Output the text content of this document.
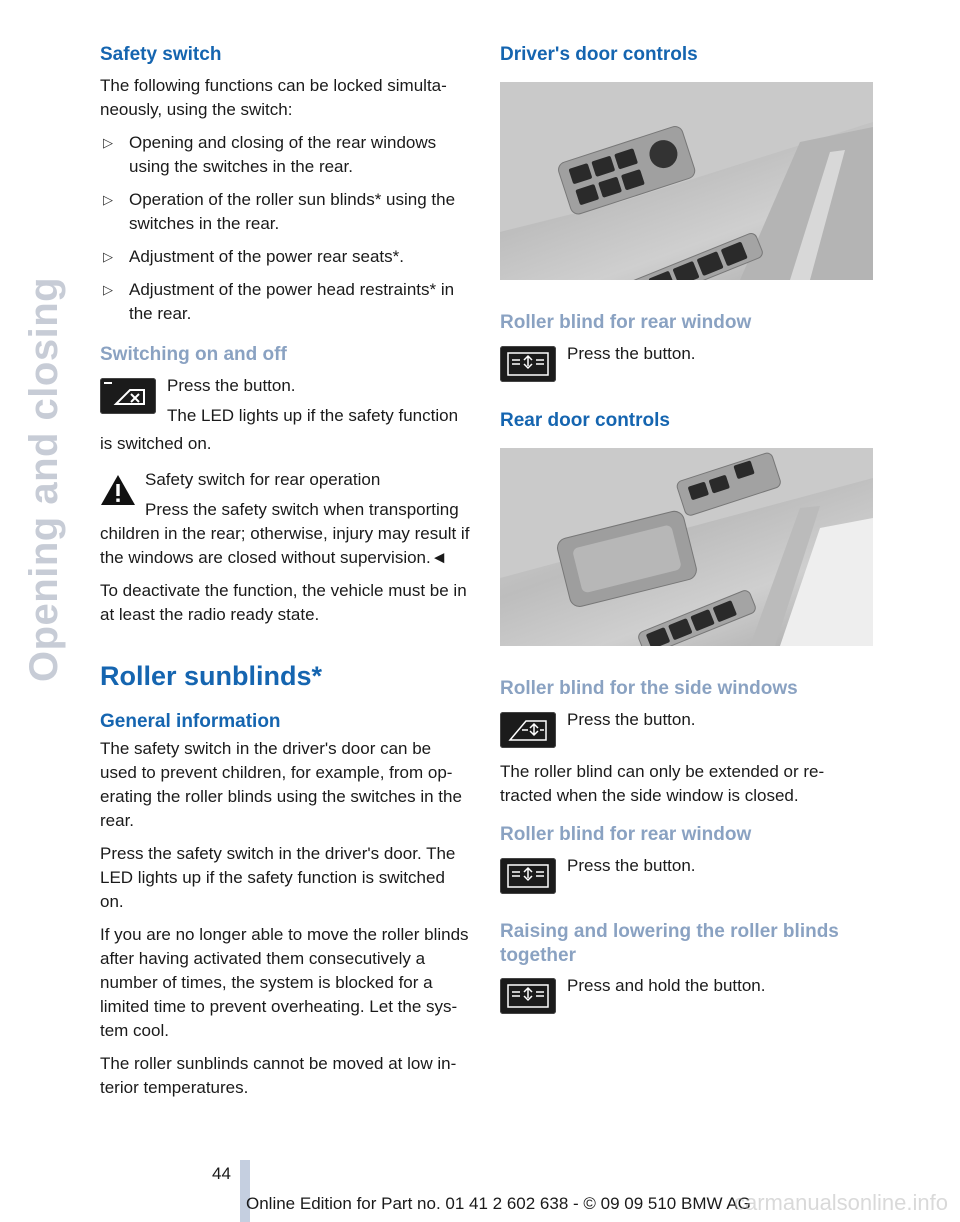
Opening and closing
Safety switch

The following functions can be locked simulta‐neously, using the switch:

▷ Opening and closing of the rear windows using the switches in the rear.
▷ Operation of the roller sun blinds* using the switches in the rear.
▷ Adjustment of the power rear seats*.
▷ Adjustment of the power head restraints* in the rear.
Switching on and off
Press the button.
The LED lights up if the safety function

is switched on.

Safety switch for rear operation
Press the safety switch when transporting

children in the rear; otherwise, injury may result if the windows are closed without supervision.◄

To deactivate the function, the vehicle must be in at least the radio ready state.

Roller sunblinds*
General information

The safety switch in the driver's door can be used to prevent children, for example, from op‐erating the roller blinds using the switches in the rear.

Press the safety switch in the driver's door. The LED lights up if the safety function is switched on.

If you are no longer able to move the roller blinds after having activated them consecutively a number of times, the system is blocked for a limited time to prevent overheating. Let the sys‐tem cool.

The roller sunblinds cannot be moved at low in‐terior temperatures.

Driver's door controls
Roller blind for rear window
Press the button.
Rear door controls
Roller blind for the side windows
Press the button.

The roller blind can only be extended or re‐tracted when the side window is closed.

Roller blind for rear window
Press the button.
Raising and lowering the roller blinds together
Press and hold the button.
44
Online Edition for Part no. 01 41 2 602 638 - © 09 09 510 BMW AG
carmanualsonline.info
